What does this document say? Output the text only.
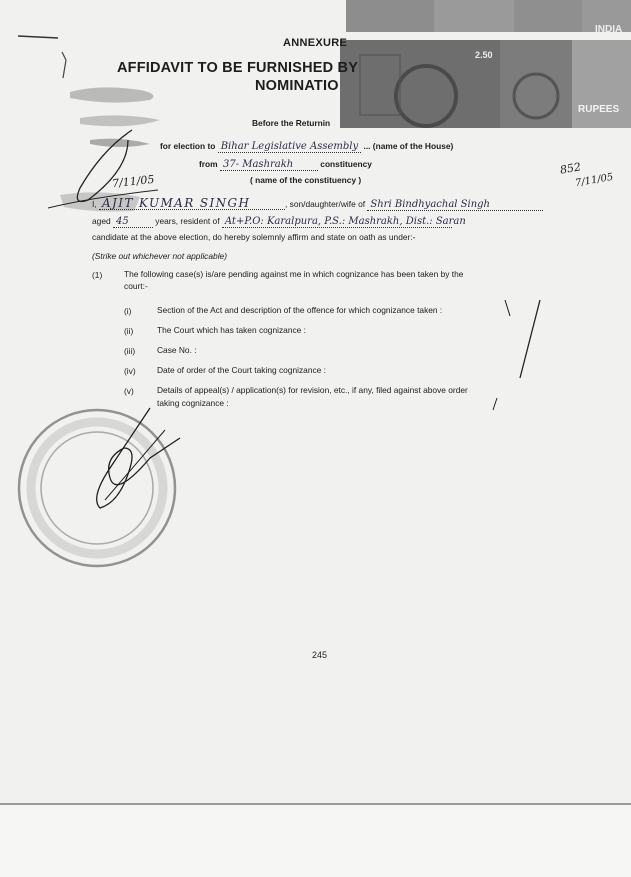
INDIA
2.50
RUPEES
ANNEXURE
AFFIDAVIT TO BE FURNISHED BY
NOMINATIO
Before the Returnin
for election to Bihar Legislative Assembly ... (name of the House)
from 37- Mashrakh	constituency
( name of the constituency )
I, AJIT KUMAR SINGH	, son/daughter/wife of Shri Bindhyachal Singh
aged 45	years, resident of At+P.O: Karalpura, P.S.: Mashrakh, Dist.: Saran
candidate at the above election, do hereby solemnly affirm and state on oath as under:-
(Strike out whichever not applicable)
(1)	The following case(s) is/are pending against me in which cognizance has been taken by the
court:-
(i)	Section of the Act and description of the offence for which cognizance taken :
(ii)	The Court which has taken cognizance :
(iii)	Case No. :
(iv)	Date of order of the Court taking cognizance :
(v)	Details of appeal(s) / application(s) for revision, etc., if any, filed against above order
taking cognizance :
7/11/05
852
7/11/05
245
